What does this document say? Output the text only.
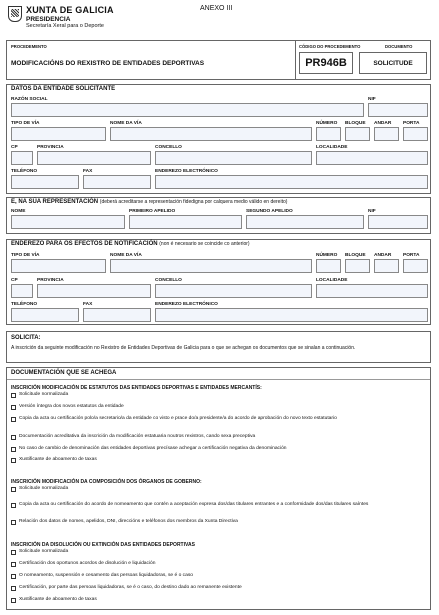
XUNTA DE GALICIA
PRESIDENCIA
Secretaría Xeral para o Deporte
ANEXO III
PROCEDEMENTO
MODIFICACIÓNS DO REXISTRO DE ENTIDADES DEPORTIVAS
CÓDIGO DO PROCEDEMENTO
PR946B
DOCUMENTO
SOLICITUDE
DATOS DA ENTIDADE SOLICITANTE
RAZÓN SOCIAL	NIF
TIPO DE VÍA	NOME DA VÍA	NÚMERO BLOQUE ANDAR PORTA
CP	PROVINCIA	CONCELLO	LOCALIDADE
TELÉFONO	FAX	ENDEREZO ELECTRÓNICO
E, NA SÚA REPRESENTACIÓN (deberá acreditarse a representación fidedigna por calquera medio válido en dereito)
NOME	PRIMEIRO APELIDO	SEGUNDO APELIDO	NIF
ENDEREZO PARA OS EFECTOS DE NOTIFICACIÓN (non é necesario se coincide co anterior)
TIPO DE VÍA	NOME DA VÍA	NÚMERO BLOQUE ANDAR PORTA
CP	PROVINCIA	CONCELLO	LOCALIDADE
TELÉFONO	FAX	ENDEREZO ELECTRÓNICO
SOLICITA:
A inscrición da seguinte modificación no Rexistro de Entidades Deportivas de Galicia para o que se achegan os documentos que se sinalan a continuación.
DOCUMENTACIÓN QUE SE ACHEGA
INSCRICIÓN MODIFICACIÓN DE ESTATUTOS DAS ENTIDADES DEPORTIVAS E ENTIDADES MERCANTÍS:
Solicitude normalizada
Versión íntegra dos novos estatutos da entidade
Copia da acta ou certificación polo/a secretario/a da entidade co visto e prace do/a presidente/a do acordo de aprobación do novo texto estatutario
Documentación acreditativa da inscrición da modificación estatuaria noutros rexistros, cando sexa preceptiva
No caso de cambio de denominación das entidades deportivas precísase achegar a certificación negativa da denominación
Xustificante de aboamento de taxas
INSCRICIÓN MODIFICACIÓN DA COMPOSICIÓN DOS ÓRGANOS DE GOBERNO:
Solicitude normalizada
Copia da acta ou certificación do acordo de nomeamento que contén a aceptación expresa dos/das titulares entrantes e a conformidade dos/das titulares saíntes
Relación dos datos de nomes, apelidos, DNI, direccións e teléfonos dos membros da Xunta Directiva
INSCRICIÓN DA DISOLUCIÓN OU EXTINCIÓN DAS ENTIDADES DEPORTIVAS
Solicitude normalizada
Certificación dos oportunos acordos de disolución e liquidación
O nomeamento, suspensión e cesamento das persoas liquidadoras, se é o caso
Certificación, por parte das persoas liquidadoras, se é o caso, do destino dado ao remanente existente
Xustificante de aboamento de taxas
